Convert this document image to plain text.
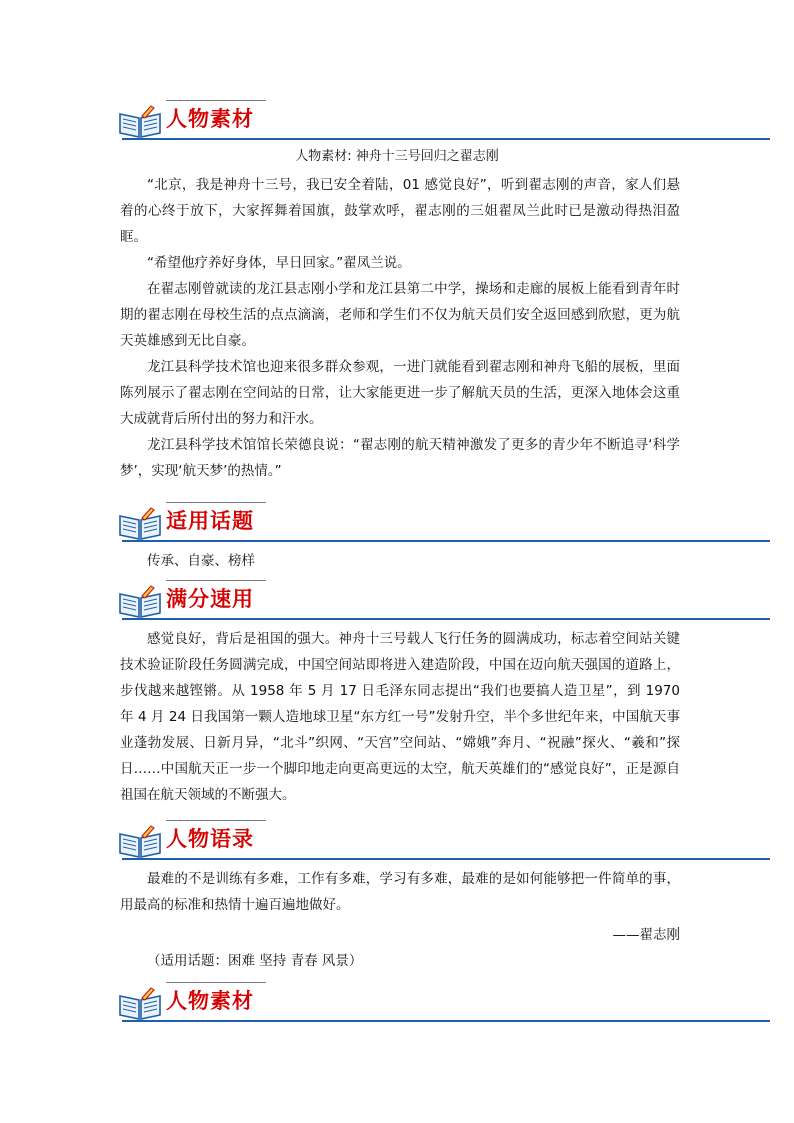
人物素材
人物素材: 神舟十三号回归之翟志刚

“北京，我是神舟十三号，我已安全着陆，01 感觉良好”，听到翟志刚的声音，家人们悬着的心终于放下，大家挥舞着国旗，鼓掌欢呼，翟志刚的三姐翟凤兰此时已是激动得热泪盈眶。

“希望他疗养好身体，早日回家。”翟凤兰说。

在翟志刚曾就读的龙江县志刚小学和龙江县第二中学，操场和走廊的展板上能看到青年时期的翟志刚在母校生活的点点滴滴，老师和学生们不仅为航天员们安全返回感到欣慰，更为航天英雄感到无比自豪。

龙江县科学技术馆也迎来很多群众参观，一进门就能看到翟志刚和神舟飞船的展板，里面陈列展示了翟志刚在空间站的日常，让大家能更进一步了解航天员的生活，更深入地体会这重大成就背后所付出的努力和汗水。

龙江县科学技术馆馆长荣德良说：“翟志刚的航天精神激发了更多的青少年不断追寻‘科学梦’，实现‘航天梦’的热情。”

适用话题

传承、自豪、榜样

满分速用

感觉良好，背后是祖国的强大。神舟十三号载人飞行任务的圆满成功，标志着空间站关键技术验证阶段任务圆满完成，中国空间站即将进入建造阶段，中国在迈向航天强国的道路上，步伐越来越铿锵。从 1958 年 5 月 17 日毛泽东同志提出“我们也要搞人造卫星”，到 1970 年 4 月 24 日我国第一颗人造地球卫星“东方红一号”发射升空，半个多世纪年来，中国航天事业蓬勃发展、日新月异，“北斗”织网、“天宫”空间站、“嫦娥”奔月、“祝融”探火、“羲和”探日……中国航天正一步一个脚印地走向更高更远的太空，航天英雄们的“感觉良好”，正是源自祖国在航天领域的不断强大。

人物语录

最难的不是训练有多难，工作有多难，学习有多难，最难的是如何能够把一件简单的事，用最高的标准和热情十遍百遍地做好。

——翟志刚

（适用话题：困难 坚持 青春 风景）

人物素材
